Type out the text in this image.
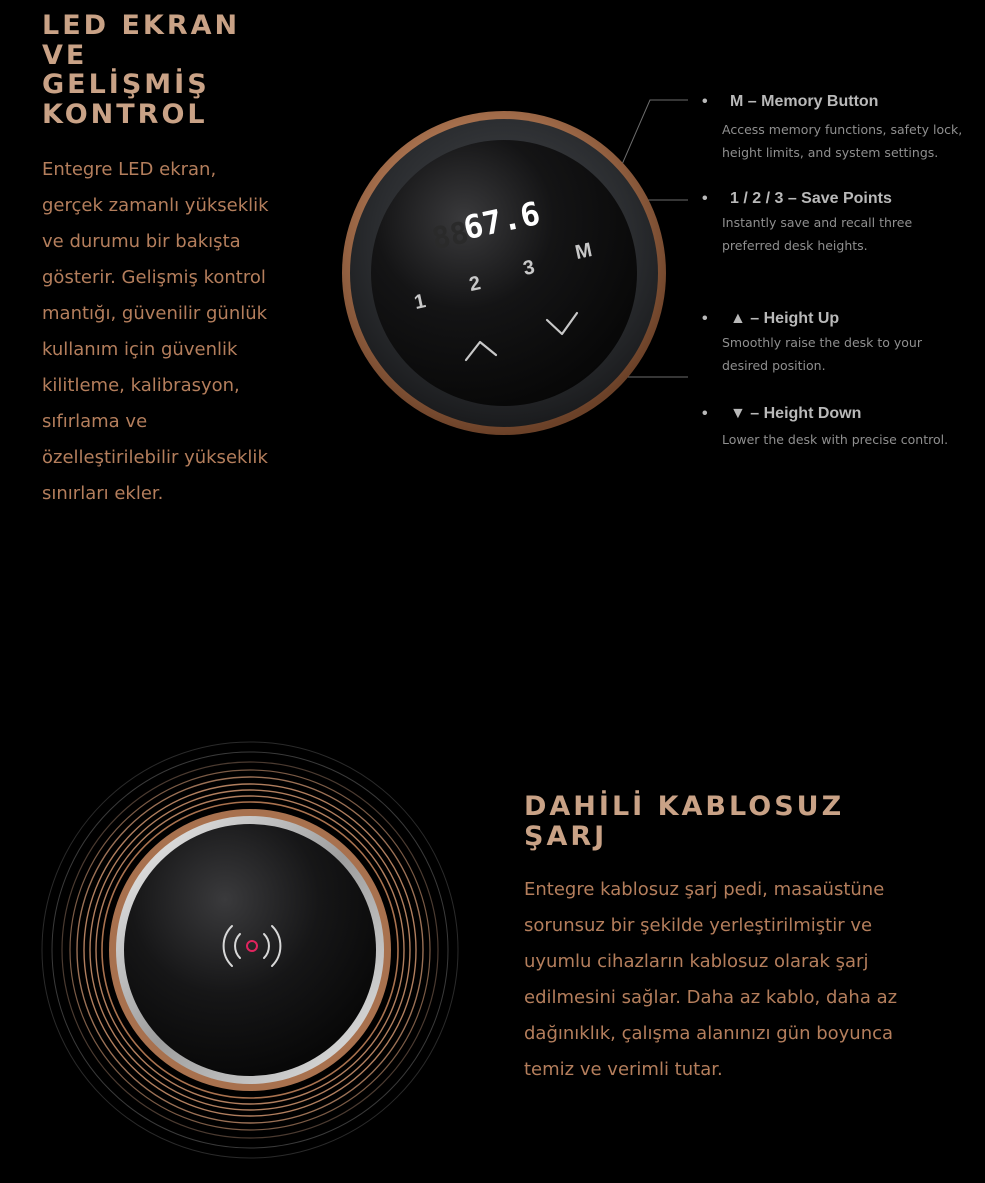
LED EKRAN
VE
GELİŞMİŞ
KONTROL

Entegre LED ekran,
gerçek zamanlı yükseklik
ve durumu bir bakışta
gösterir. Gelişmiş kontrol
mantığı, güvenilir günlük
kullanım için güvenlik
kilitleme, kalibrasyon,
sıfırlama ve
özelleştirilebilir yükseklik
sınırları ekler.

88
67.6
1
2
3
M
• M – Memory Button
Access memory functions, safety lock,
height limits, and system settings.
• 1 / 2 / 3 – Save Points
Instantly save and recall three
preferred desk heights.
• ▲ – Height Up
Smoothly raise the desk to your
desired position.
• ▼ – Height Down
Lower the desk with precise control.
DAHİLİ KABLOSUZ
ŞARJ

Entegre kablosuz şarj pedi, masaüstüne
sorunsuz bir şekilde yerleştirilmiştir ve
uyumlu cihazların kablosuz olarak şarj
edilmesini sağlar. Daha az kablo, daha az
dağınıklık, çalışma alanınızı gün boyunca
temiz ve verimli tutar.
